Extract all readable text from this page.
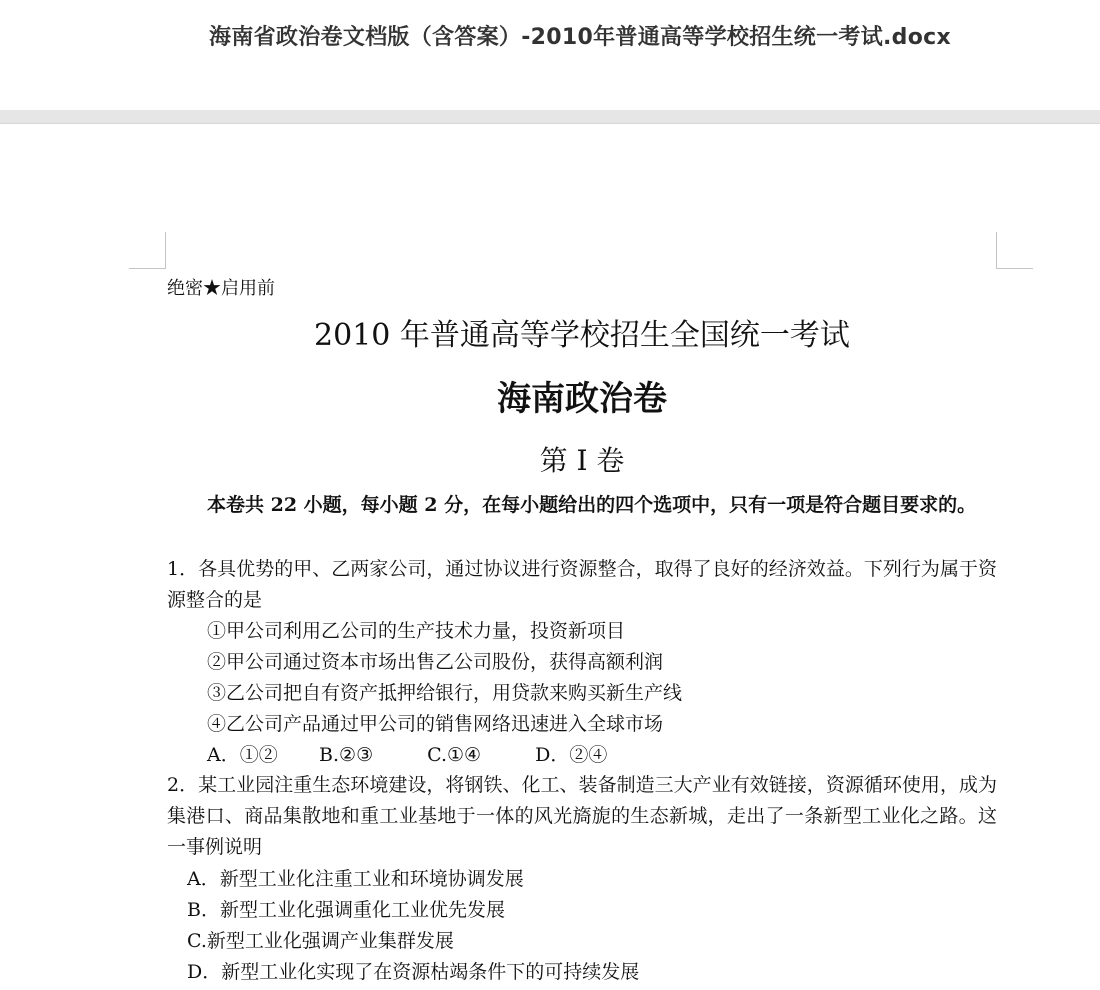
海南省政治卷文档版（含答案）-2010年普通高等学校招生统一考试.docx
绝密★启用前
2010 年普通高等学校招生全国统一考试
海南政治卷
第 I 卷
本卷共 22 小题，每小题 2 分，在每小题给出的四个选项中，只有一项是符合题目要求的。
1．各具优势的甲、乙两家公司，通过协议进行资源整合，取得了良好的经济效益。下列行为属于资源整合的是
①甲公司利用乙公司的生产技术力量，投资新项目
②甲公司通过资本市场出售乙公司股份，获得高额利润
③乙公司把自有资产抵押给银行，用贷款来购买新生产线
④乙公司产品通过甲公司的销售网络迅速进入全球市场
A．①② B.②③	C.①④	D．②④
2．某工业园注重生态环境建设，将钢铁、化工、装备制造三大产业有效链接，资源循环使用，成为集港口、商品集散地和重工业基地于一体的风光旖旎的生态新城，走出了一条新型工业化之路。这一事例说明
A．新型工业化注重工业和环境协调发展
B．新型工业化强调重化工业优先发展
C.新型工业化强调产业集群发展
D．新型工业化实现了在资源枯竭条件下的可持续发展
